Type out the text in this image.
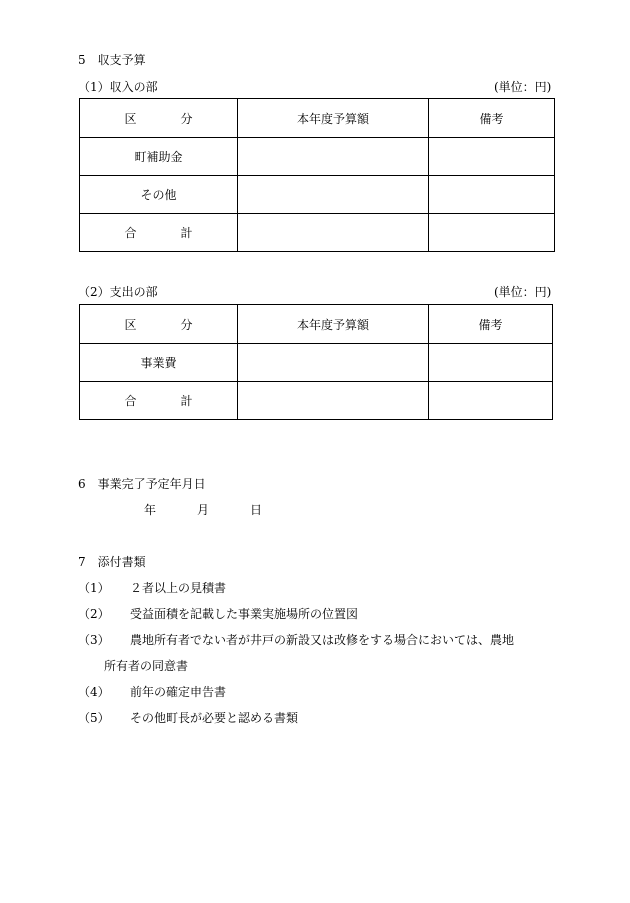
5　収支予算
（1）収入の部	(単位：円)
区 分	本年度予算額	備考
町補助金		
その他		

合 計		

（2）支出の部	(単位：円)
区 分	本年度予算額	備考
事業費		

合 計		

6　事業完了予定年月日
年	月	日
7　添付書類
（1） ２者以上の見積書
（2） 受益面積を記載した事業実施場所の位置図
（3） 農地所有者でない者が井戸の新設又は改修をする場合においては、農地
所有者の同意書
（4） 前年の確定申告書
（5） その他町長が必要と認める書類
